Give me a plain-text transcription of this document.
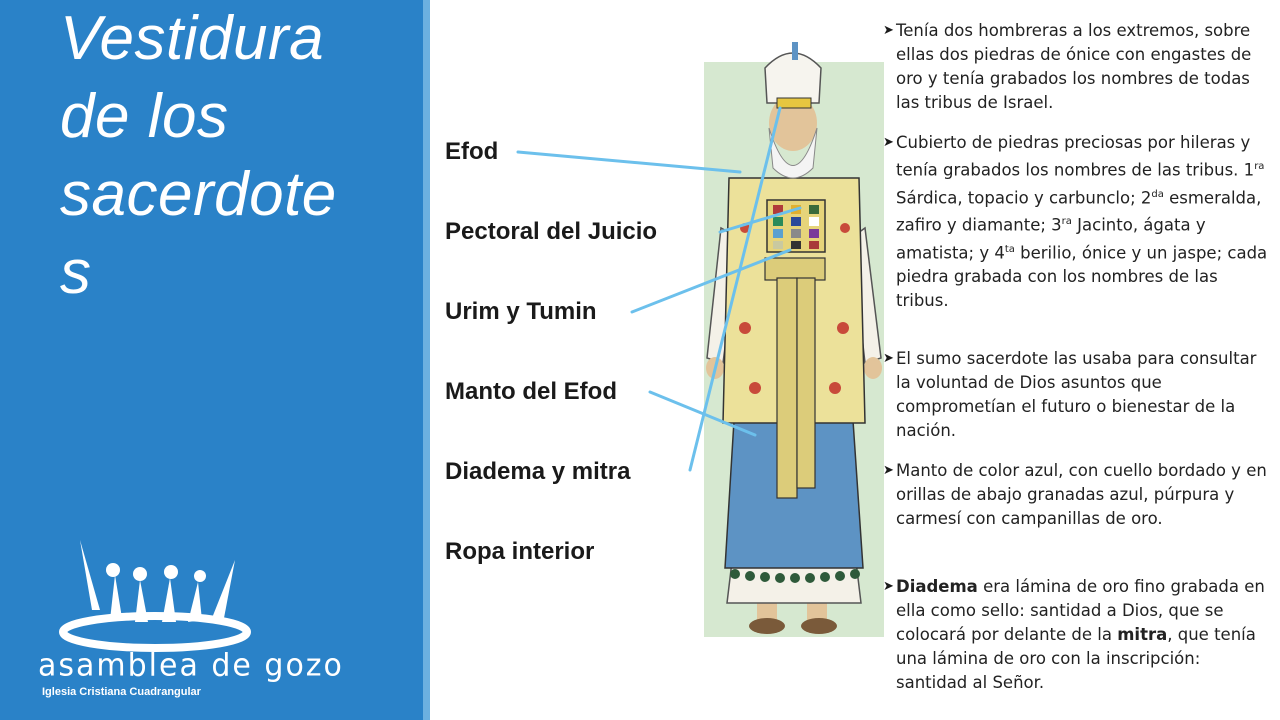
Vestidura
de los
sacerdote
s
asamblea de gozo
Iglesia Cristiana Cuadrangular
Efod
Pectoral del Juicio
Urim y Tumin
Manto del Efod
Diadema y mitra
Ropa interior
➤ Tenía dos hombreras a los extremos, sobre ellas dos piedras de ónice con engastes de oro y tenía grabados los nombres de todas las tribus de Israel.
➤ Cubierto de piedras preciosas por hileras y tenía grabados los nombres de las tribus. $1^{ra}$ Sárdica, topacio y carbunclo; $2^{da}$ esmeralda, zafiro y diamante; $3^{ra}$ Jacinto, ágata y amatista; y $4^{ta}$ berilio, ónice y un jaspe; cada piedra grabada con los nombres de las tribus.
➤ El sumo sacerdote las usaba para consultar la voluntad de Dios asuntos que comprometían el futuro o bienestar de la nación.
➤ Manto de color azul, con cuello bordado y en orillas de abajo granadas azul, púrpura y carmesí con campanillas de oro.
➤ Diadema era lámina de oro fino grabada en ella como sello: santidad a Dios, que se colocará por delante de la mitra, que tenía una lámina de oro con la inscripción: santidad al Señor.
